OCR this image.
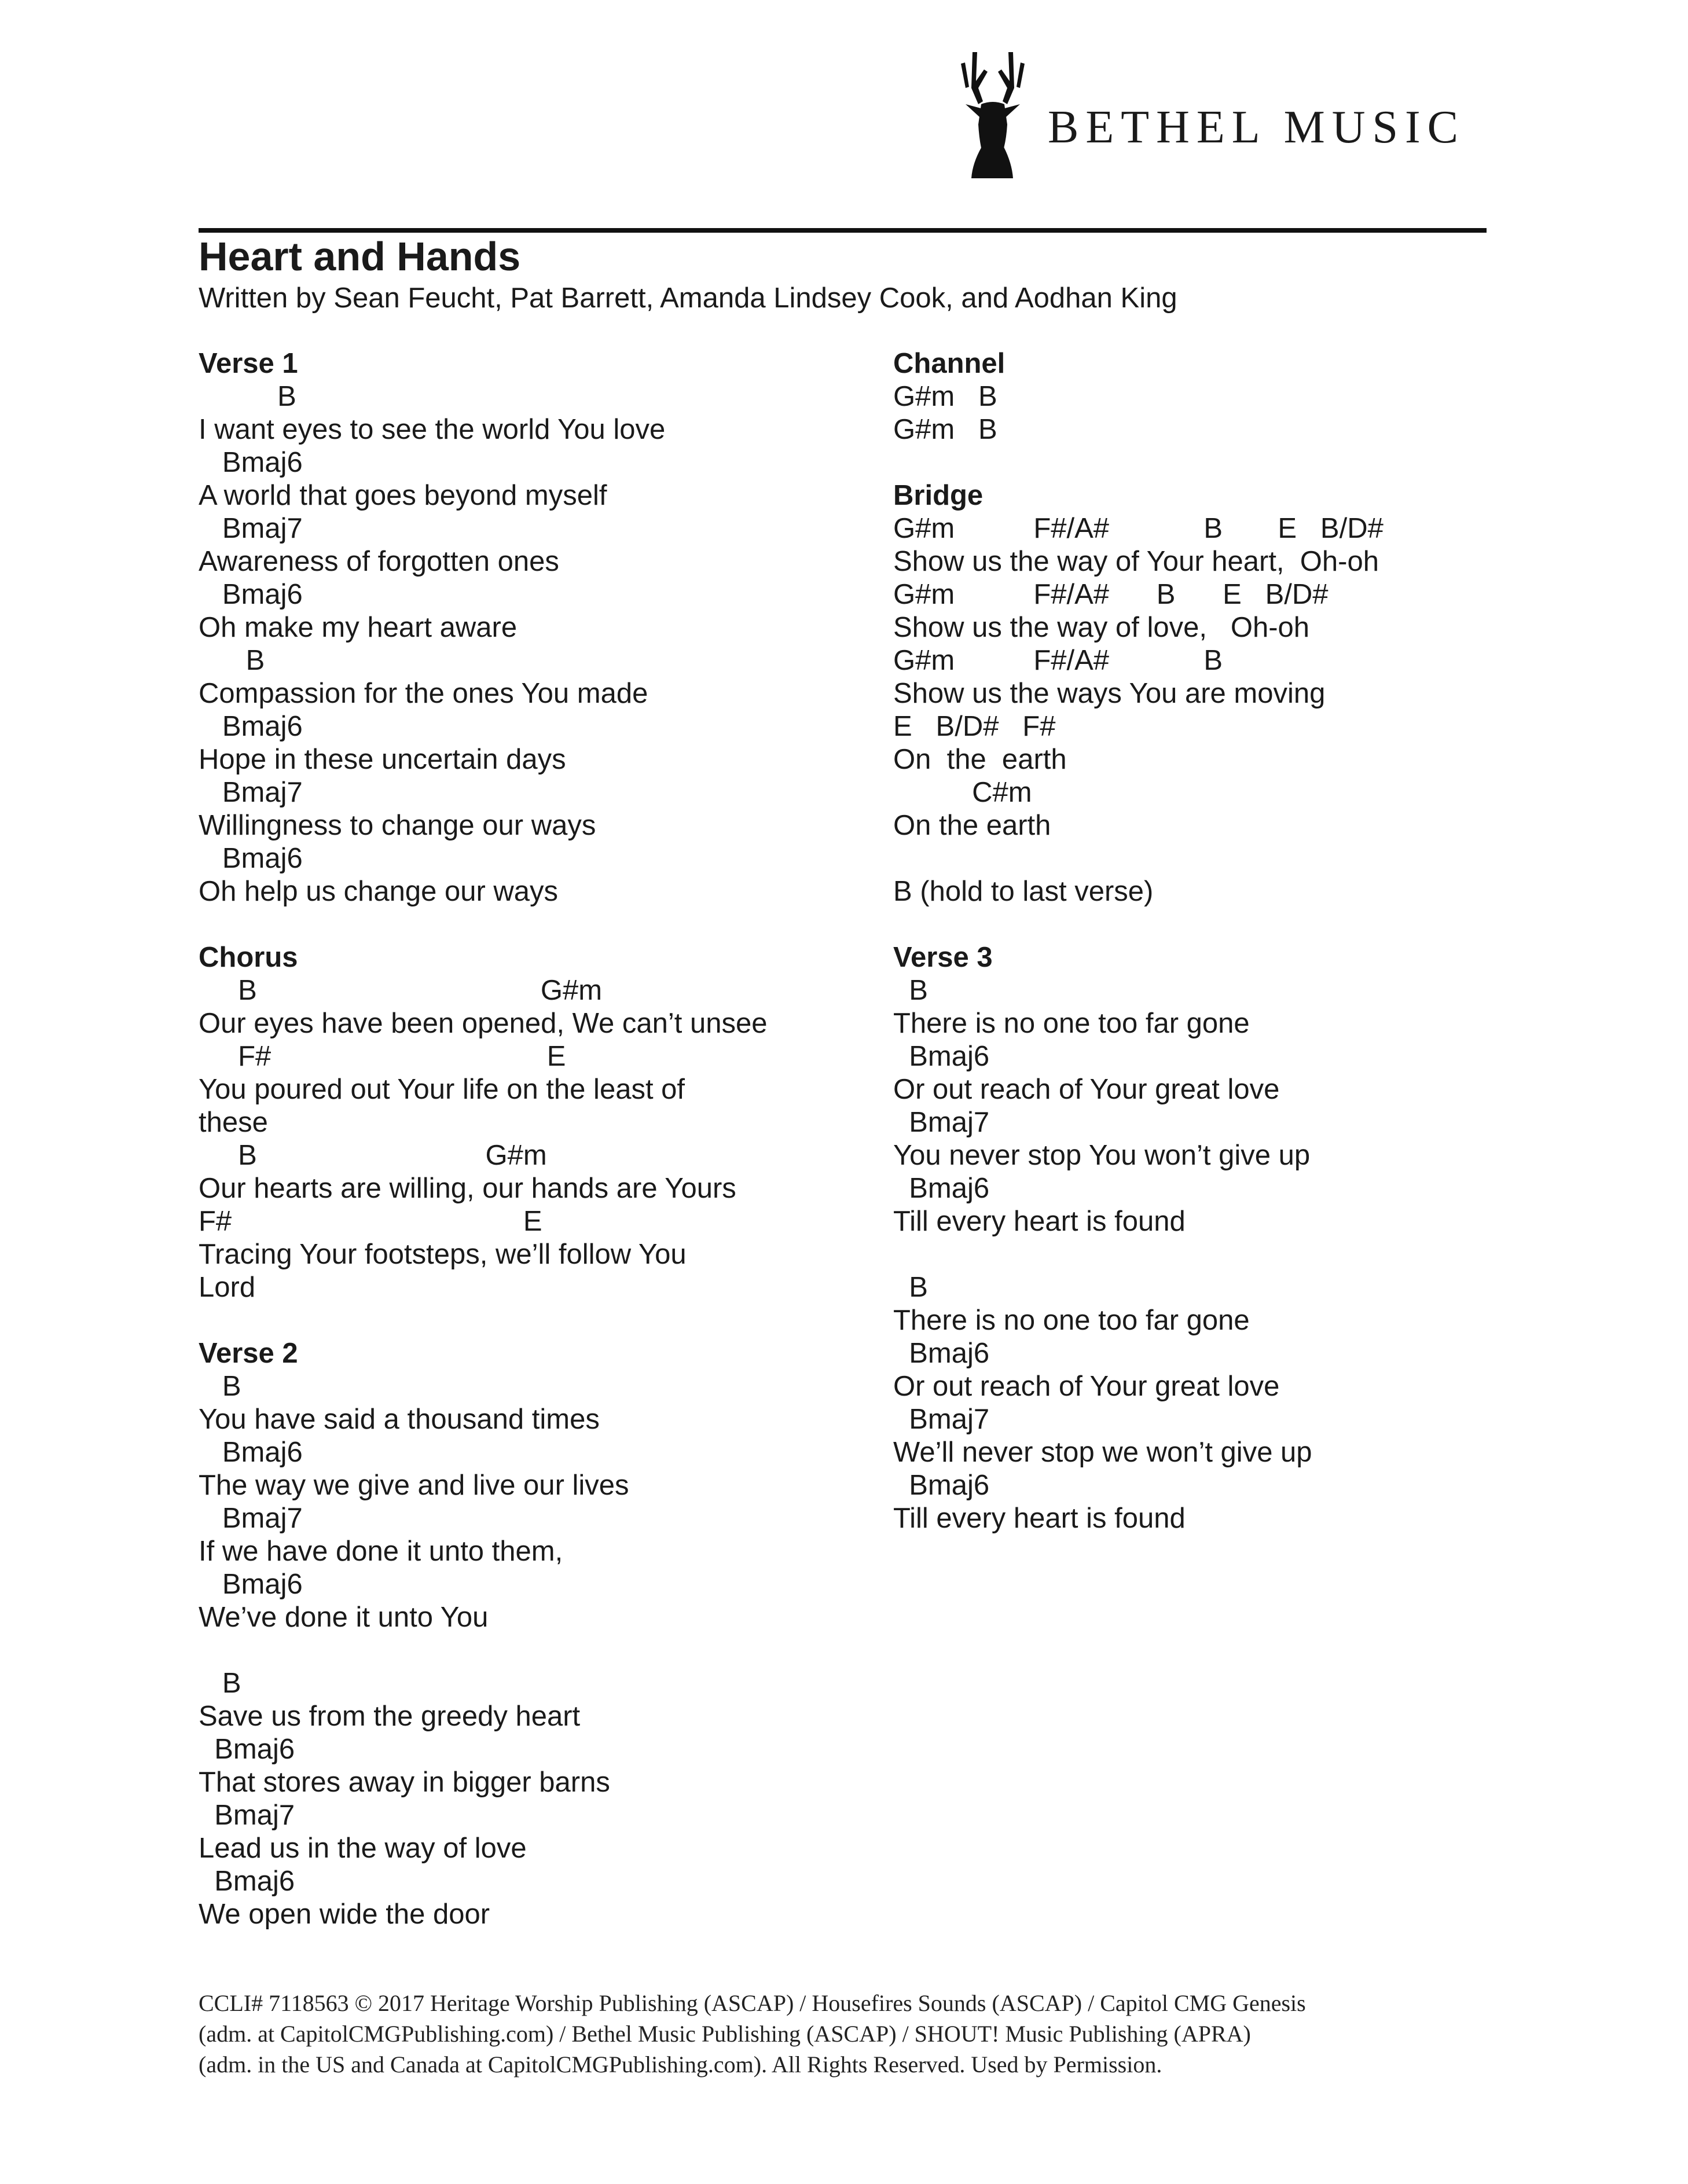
BETHEL MUSIC
Heart and Hands
Written by Sean Feucht, Pat Barrett, Amanda Lindsey Cook, and Aodhan King
Verse 1
B
I want eyes to see the world You love
Bmaj6
A world that goes beyond myself
Bmaj7
Awareness of forgotten ones
Bmaj6
Oh make my heart aware
B
Compassion for the ones You made
Bmaj6
Hope in these uncertain days
Bmaj7
Willingness to change our ways
Bmaj6
Oh help us change our ways
Chorus
B                                    G#m
Our eyes have been opened, We can’t unsee
F#                                   E
You poured out Your life on the least of
these
B                             G#m
Our hearts are willing, our hands are Yours
F#                                     E
Tracing Your footsteps, we’ll follow You
Lord
Verse 2
B
You have said a thousand times
Bmaj6
The way we give and live our lives
Bmaj7
If we have done it unto them,
Bmaj6
We’ve done it unto You
B
Save us from the greedy heart
Bmaj6
That stores away in bigger barns
Bmaj7
Lead us in the way of love
Bmaj6
We open wide the door
Channel
G#m   B
G#m   B
Bridge
G#m          F#/A#            B       E   B/D#
Show us the way of Your heart,  Oh-oh
G#m          F#/A#      B      E   B/D#
Show us the way of love,   Oh-oh
G#m          F#/A#            B
Show us the ways You are moving
E   B/D#   F#
On  the  earth
C#m
On the earth
B (hold to last verse)
Verse 3
B
There is no one too far gone
Bmaj6
Or out reach of Your great love
Bmaj7
You never stop You won’t give up
Bmaj6
Till every heart is found
B
There is no one too far gone
Bmaj6
Or out reach of Your great love
Bmaj7
We’ll never stop we won’t give up
Bmaj6
Till every heart is found
CCLI# 7118563 © 2017 Heritage Worship Publishing (ASCAP) / Housefires Sounds (ASCAP) / Capitol CMG Genesis
(adm. at CapitolCMGPublishing.com) / Bethel Music Publishing (ASCAP) / SHOUT! Music Publishing (APRA)
(adm. in the US and Canada at CapitolCMGPublishing.com). All Rights Reserved. Used by Permission.
